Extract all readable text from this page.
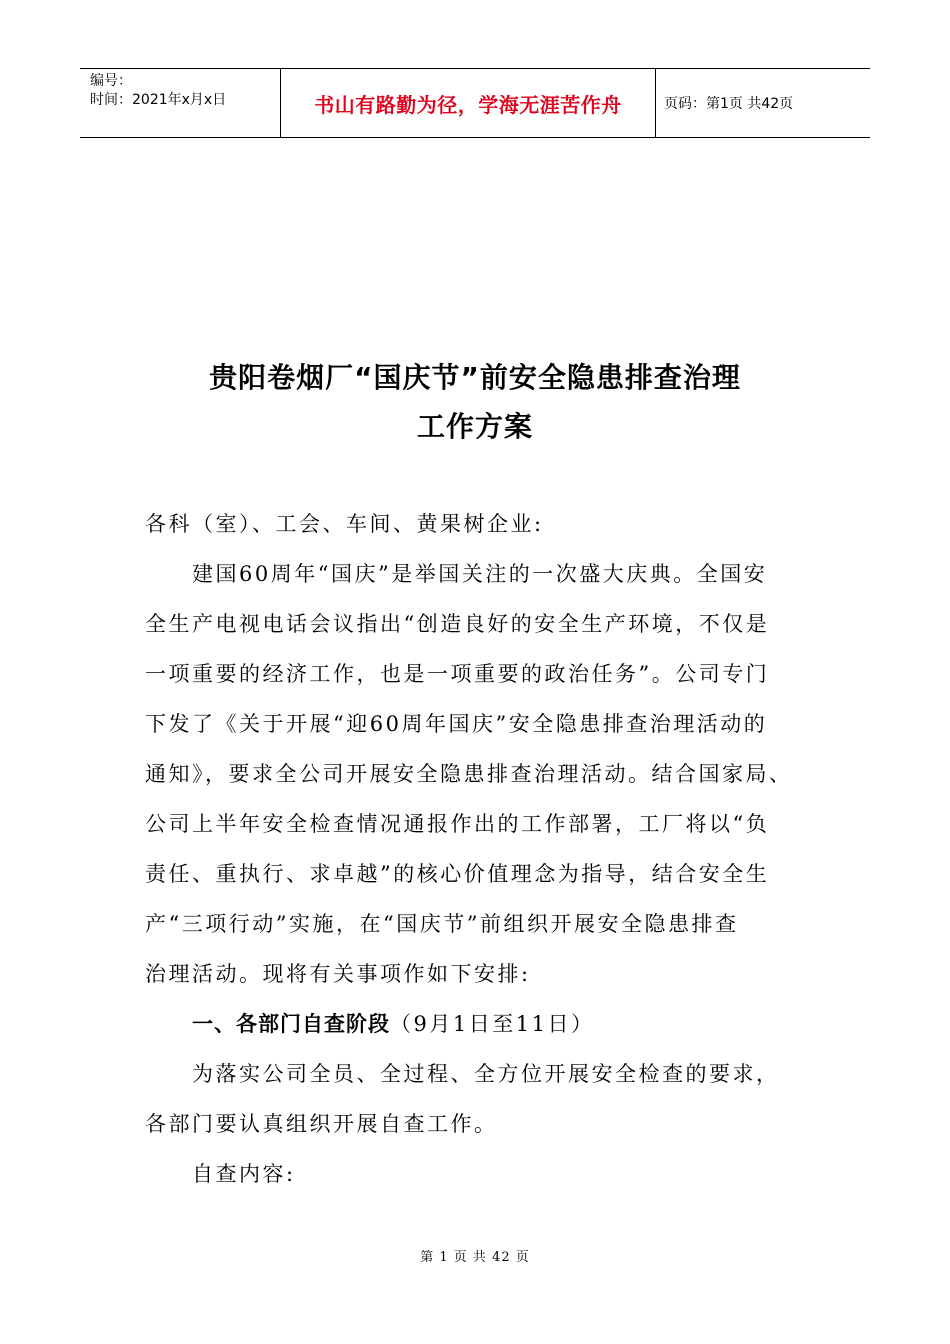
编号：
时间：2021年x月x日	书山有路勤为径，学海无涯苦作舟	页码：第1页 共42页
贵阳卷烟厂“国庆节”前安全隐患排查治理
工作方案
各科（室）、工会、车间、黄果树企业:
建国60周年“国庆”是举国关注的一次盛大庆典。全国安
全生产电视电话会议指出“创造良好的安全生产环境，不仅是
一项重要的经济工作，也是一项重要的政治任务”。公司专门
下发了《关于开展“迎60周年国庆”安全隐患排查治理活动的
通知》，要求全公司开展安全隐患排查治理活动。结合国家局、
公司上半年安全检查情况通报作出的工作部署，工厂将以“负
责任、重执行、求卓越”的核心价值理念为指导，结合安全生
产“三项行动”实施，在“国庆节”前组织开展安全隐患排查
治理活动。现将有关事项作如下安排:
一、各部门自查阶段（9月1日至11日）
为落实公司全员、全过程、全方位开展安全检查的要求，
各部门要认真组织开展自查工作。
自查内容:
第 1 页 共 42 页
